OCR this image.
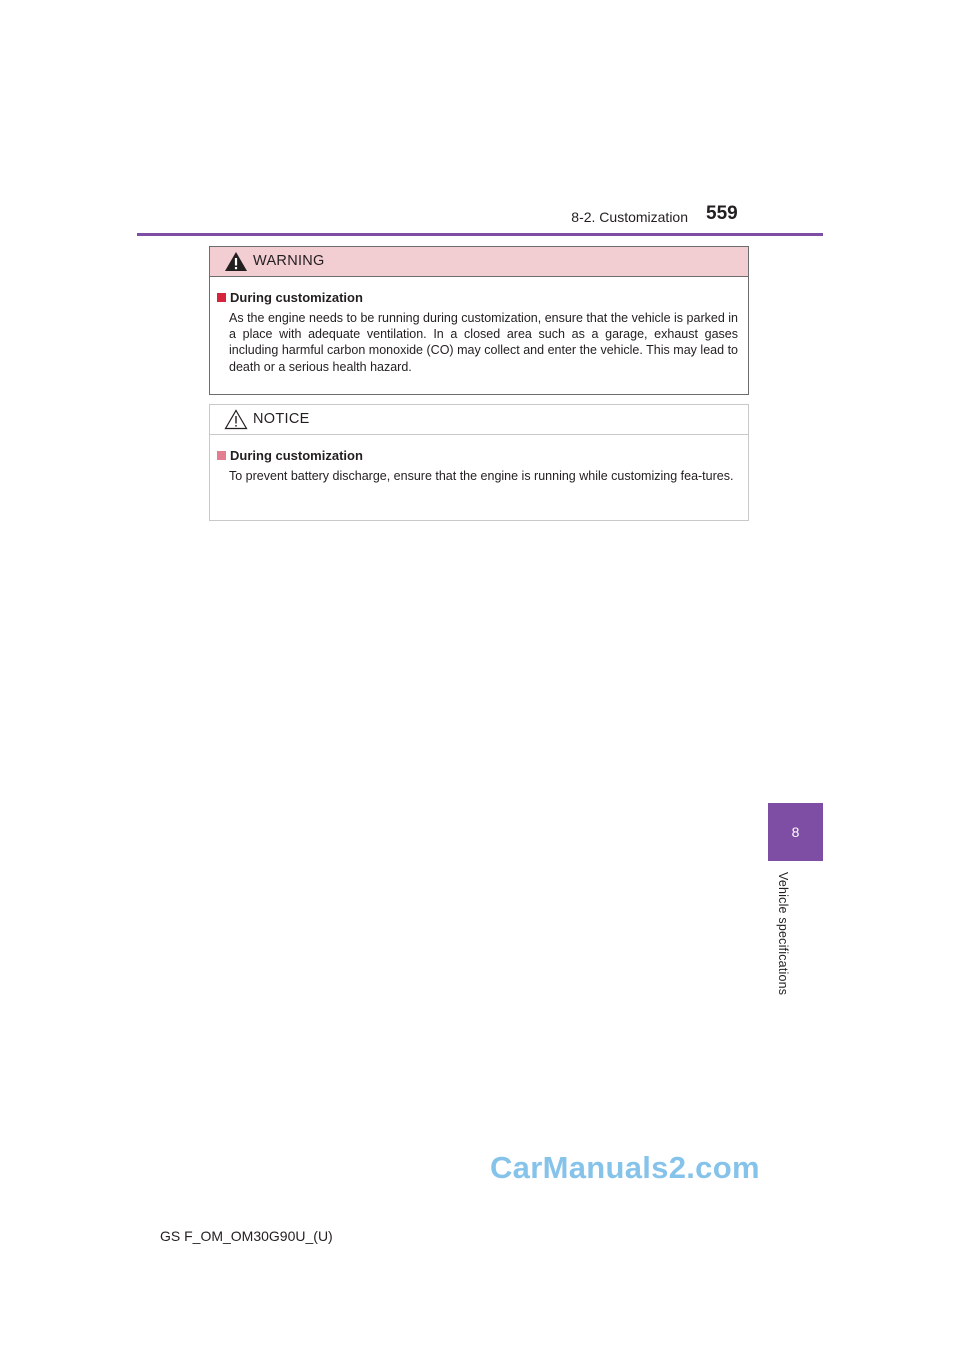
8-2. Customization 559
WARNING
During customization

As the engine needs to be running during customization, ensure that the vehicle is parked in a place with adequate ventilation. In a closed area such as a garage, exhaust gases including harmful carbon monoxide (CO) may collect and enter the vehicle. This may lead to death or a serious health hazard.

NOTICE
During customization

To prevent battery discharge, ensure that the engine is running while customizing fea-tures.

8
Vehicle specifications
CarManuals2.com
GS F_OM_OM30G90U_(U)
